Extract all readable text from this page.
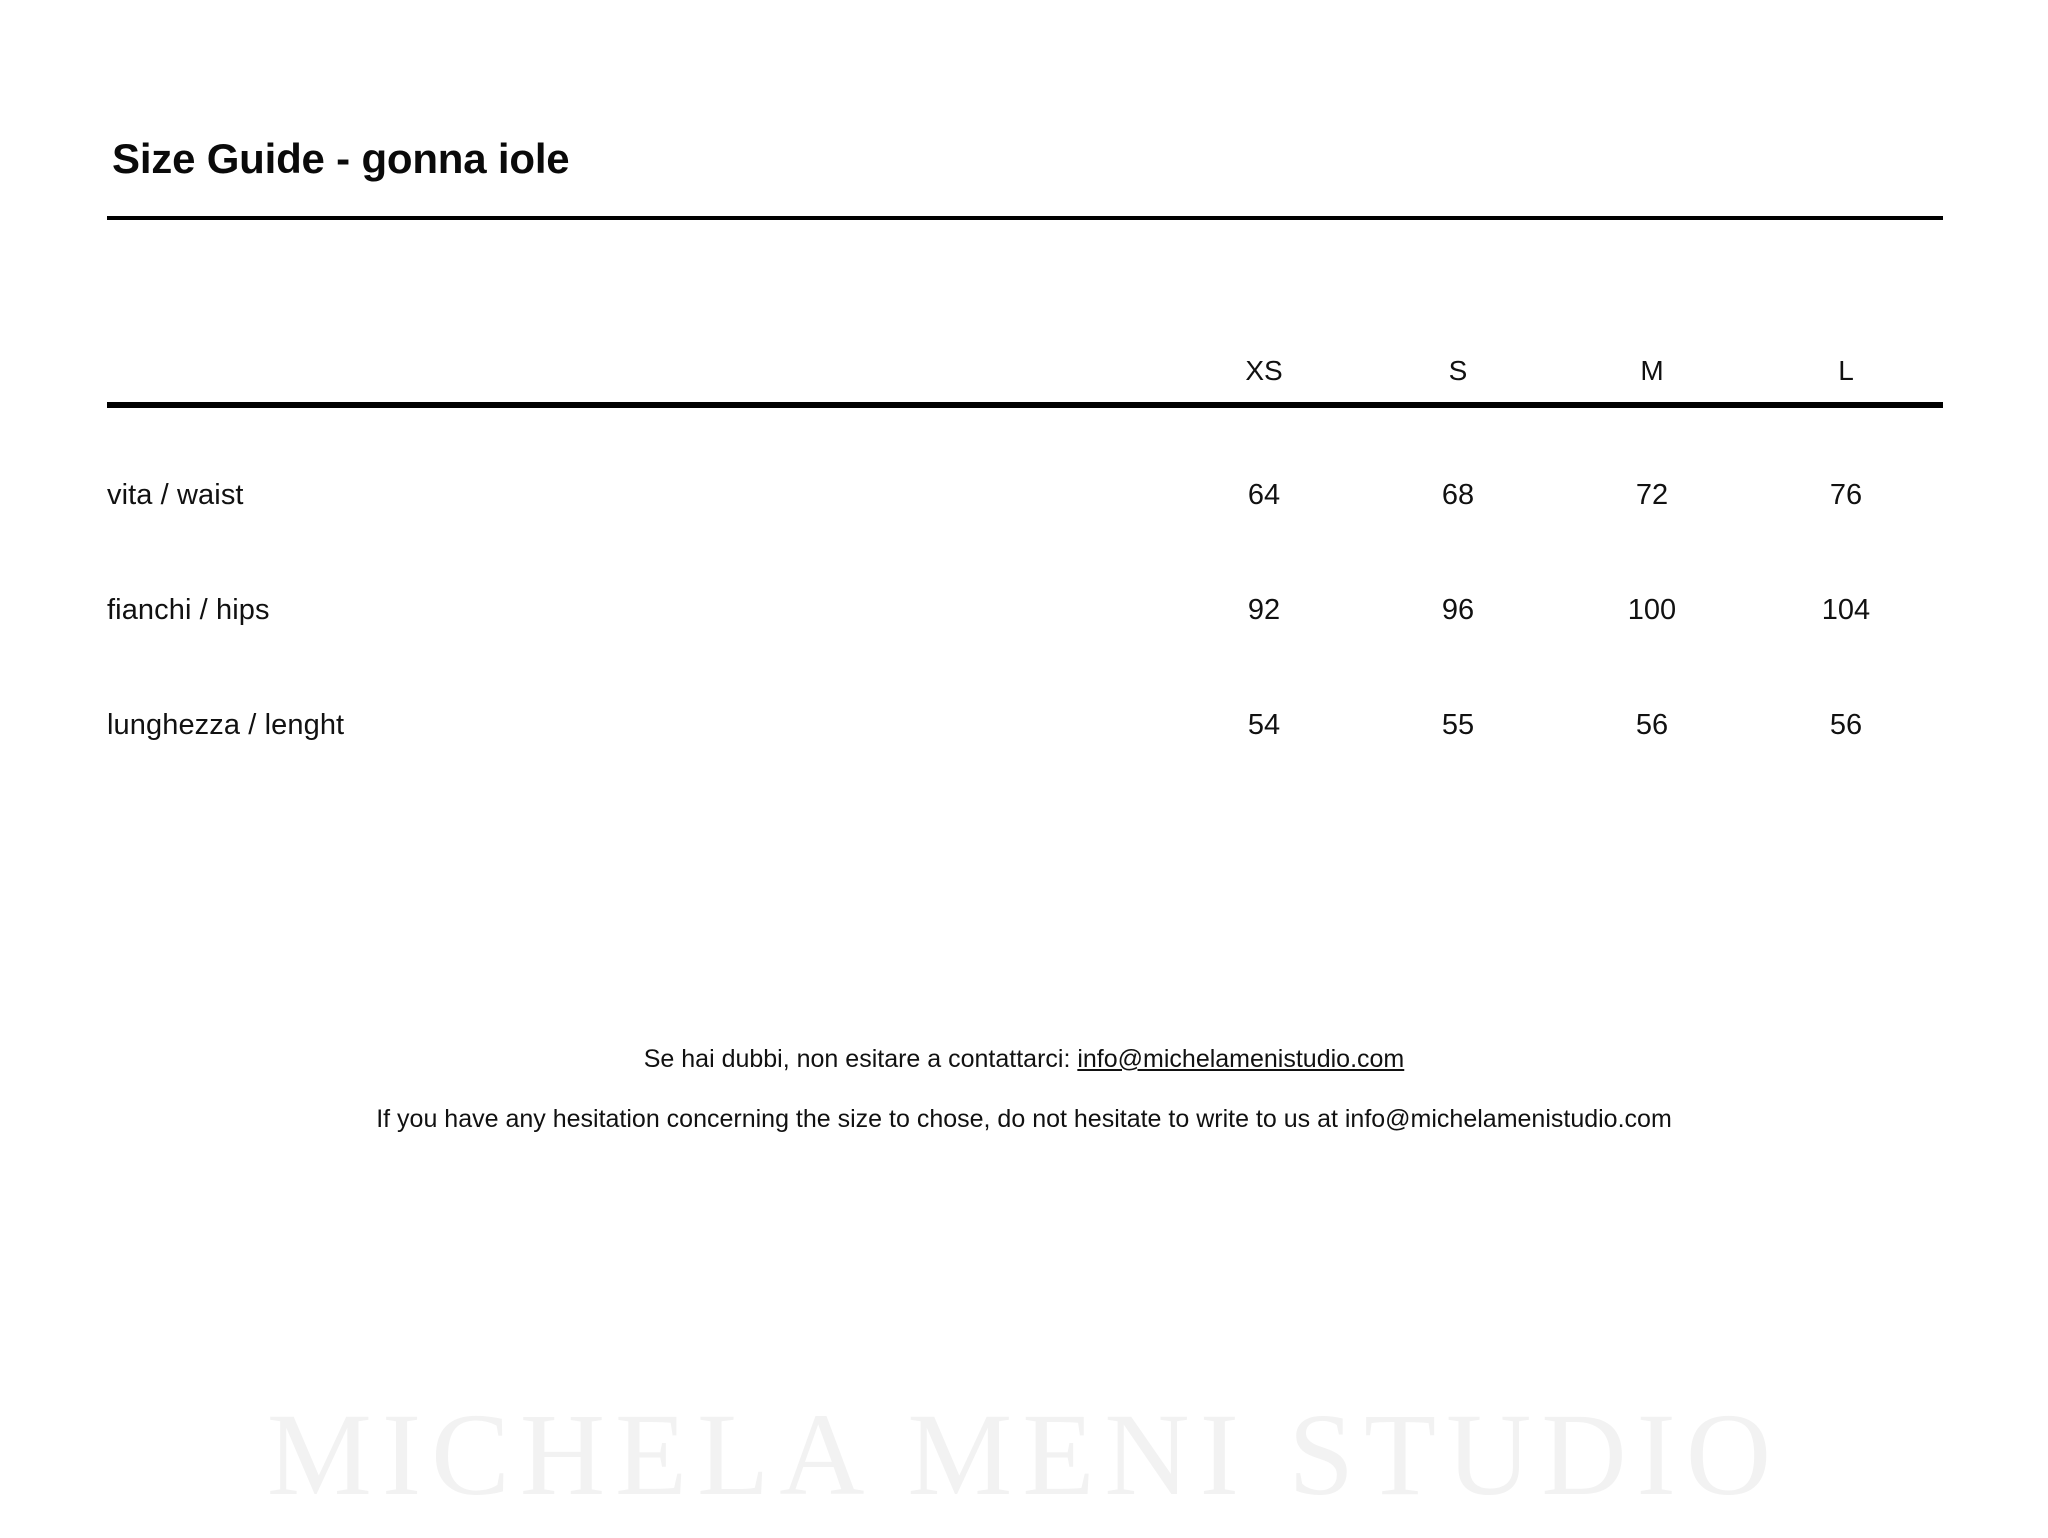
Size Guide - gonna iole
	XS	S	M	L
vita / waist	64	68	72	76
fianchi / hips	92	96	100	104
lunghezza / lenght	54	55	56	56
Se hai dubbi, non esitare a contattarci: info@michelamenistudio.com
If you have any hesitation concerning the size to chose, do not hesitate to write to us at info@michelamenistudio.com
MICHELA MENI STUDIO
